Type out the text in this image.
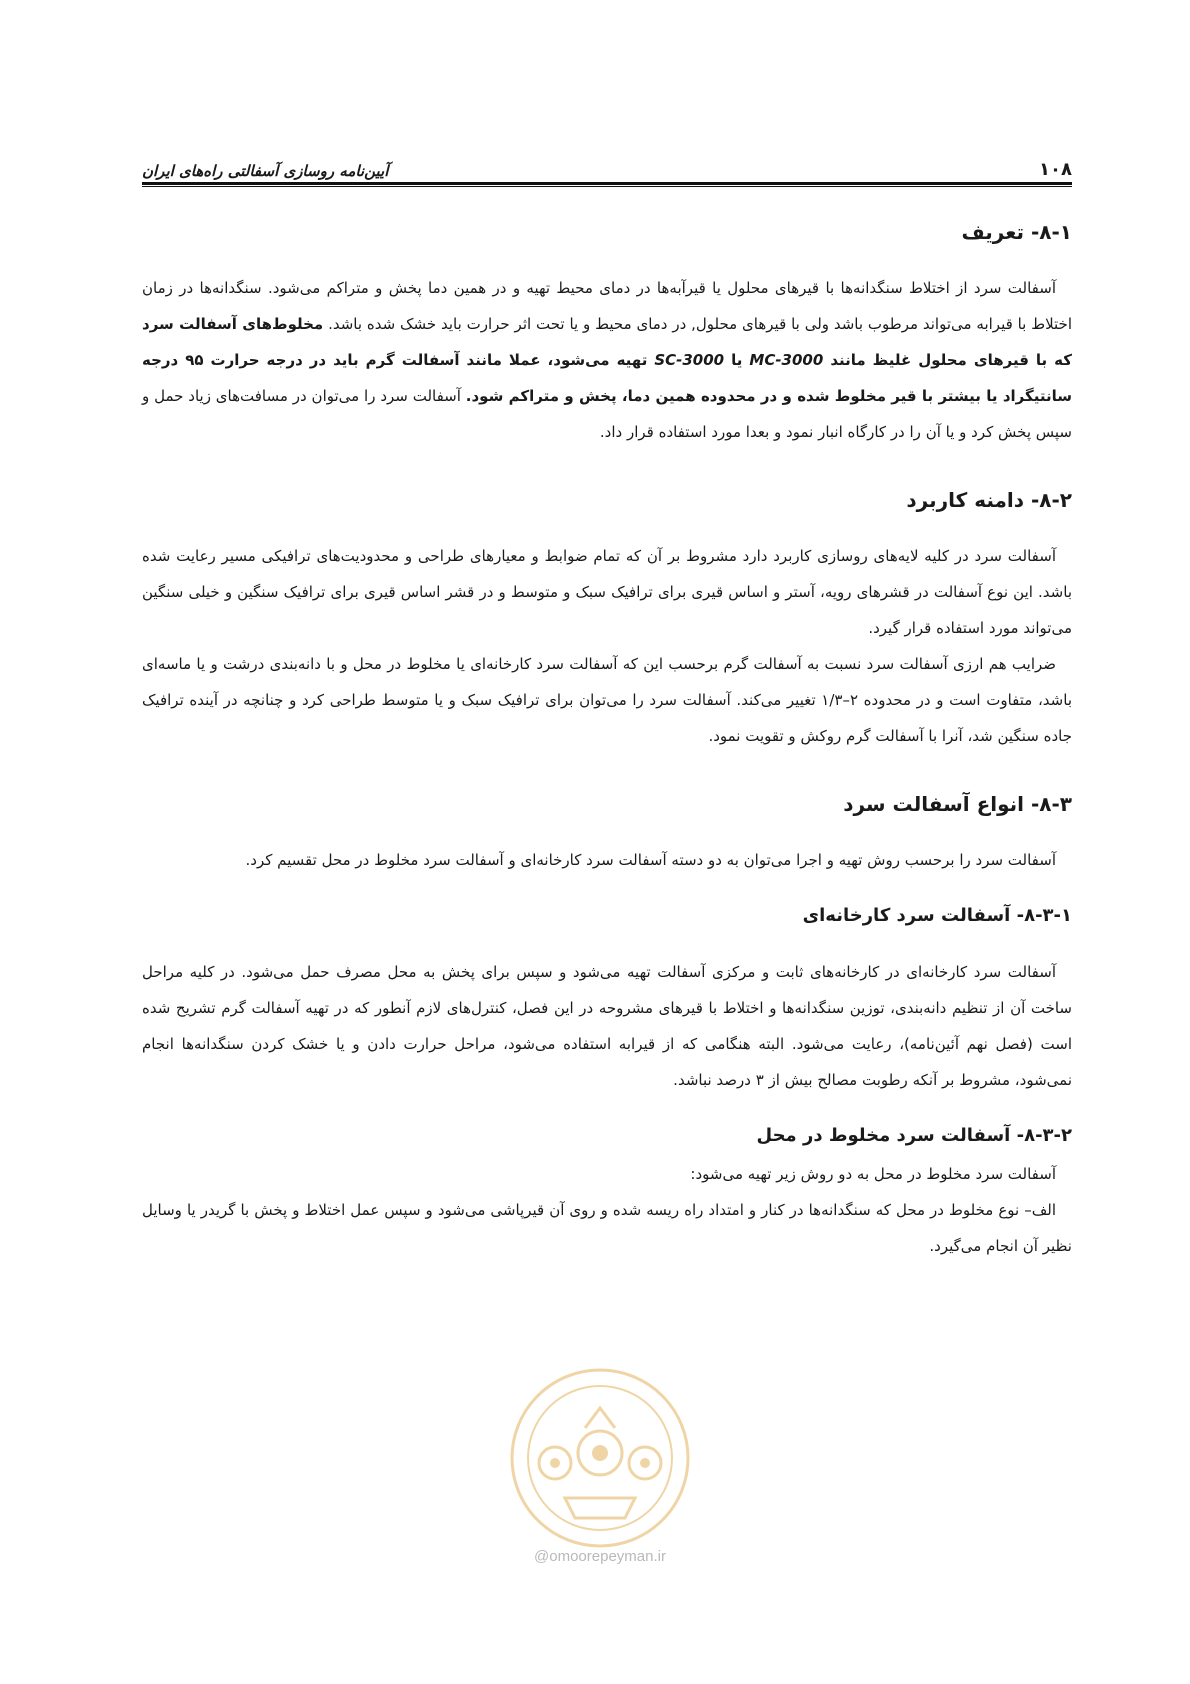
۱۰۸
آیین‌نامه روسازی آسفالتی راه‌های ایران
۸-۱- تعریف

آسفالت سرد از اختلاط سنگدانه‌ها با قیرهای محلول یا قیرآبه‌ها در دمای محیط تهیه و در همین دما پخش و متراکم می‌شود. سنگدانه‌ها در زمان اختلاط با قیرابه می‌تواند مرطوب باشد ولی با قیرهای محلول, در دمای محیط و یا تحت اثر حرارت باید خشک شده باشد. مخلوط‌های آسفالت سرد که با قیرهای محلول غلیظ مانند MC-3000 یا SC-3000 تهیه می‌شود، عملا مانند آسفالت گرم باید در درجه حرارت ۹۵ درجه سانتیگراد یا بیشتر با قیر مخلوط شده و در محدوده همین دما، پخش و متراکم شود. آسفالت سرد را می‌توان در مسافت‌های زیاد حمل و سپس پخش کرد و یا آن را در کارگاه انبار نمود و بعدا مورد استفاده قرار داد.

۸-۲- دامنه کاربرد

آسفالت سرد در کلیه لایه‌های روسازی کاربرد دارد مشروط بر آن که تمام ضوابط و معیارهای طراحی و محدودیت‌های ترافیکی مسیر رعایت شده باشد. این نوع آسفالت در قشرهای رویه، آستر و اساس قیری برای ترافیک سبک و متوسط و در قشر اساس قیری برای ترافیک سنگین و خیلی سنگین می‌تواند مورد استفاده قرار گیرد.

ضرایب هم ارزی آسفالت سرد نسبت به آسفالت گرم برحسب این که آسفالت سرد کارخانه‌ای یا مخلوط در محل و با دانه‌بندی درشت و یا ماسه‌ای باشد، متفاوت است و در محدوده ۲–۱/۳ تغییر می‌کند. آسفالت سرد را می‌توان برای ترافیک سبک و یا متوسط طراحی کرد و چنانچه در آینده ترافیک جاده سنگین شد، آنرا با آسفالت گرم روکش و تقویت نمود.

۸-۳- انواع آسفالت سرد

آسفالت سرد را برحسب روش تهیه و اجرا می‌توان به دو دسته آسفالت سرد کارخانه‌ای و آسفالت سرد مخلوط در محل تقسیم کرد.

۸-۳-۱- آسفالت سرد کارخانه‌ای

آسفالت سرد کارخانه‌ای در کارخانه‌های ثابت و مرکزی آسفالت تهیه می‌شود و سپس برای پخش به محل مصرف حمل می‌شود. در کلیه مراحل ساخت آن از تنظیم دانه‌بندی، توزین سنگدانه‌ها و اختلاط با قیرهای مشروحه در این فصل، کنترل‌های لازم آنطور که در تهیه آسفالت گرم تشریح شده است (فصل نهم آئین‌نامه)، رعایت می‌شود. البته هنگامی که از قیرابه استفاده می‌شود، مراحل حرارت دادن و یا خشک کردن سنگدانه‌ها انجام نمی‌شود، مشروط بر آنکه رطوبت مصالح بیش از ۳ درصد نباشد.

۸-۳-۲- آسفالت سرد مخلوط در محل

آسفالت سرد مخلوط در محل به دو روش زیر تهیه می‌شود:

الف– نوع مخلوط در محل که سنگدانه‌ها در کنار و امتداد راه ریسه شده و روی آن قیرپاشی می‌شود و سپس عمل اختلاط و پخش با گریدر یا وسایل نظیر آن انجام می‌گیرد.

@omoorepeyman.ir
